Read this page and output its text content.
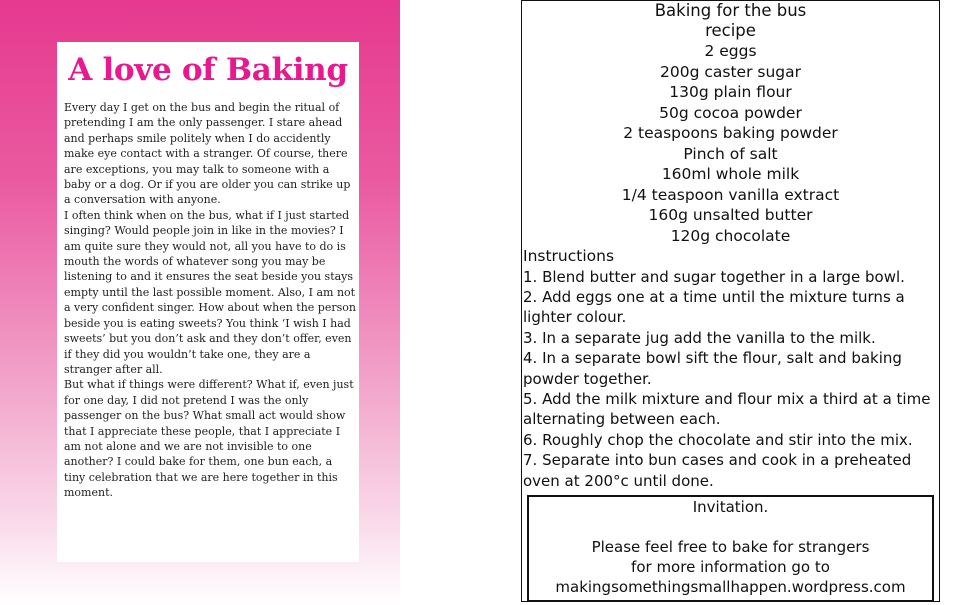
A love of Baking

Every day I get on the bus and begin the ritual of pretending I am the only passenger. I stare ahead and perhaps smile politely when I do accidently make eye contact with a stranger. Of course, there are exceptions, you may talk to someone with a baby or a dog. Or if you are older you can strike up a conversation with anyone.

I often think when on the bus, what if I just started singing? Would people join in like in the movies? I am quite sure they would not, all you have to do is mouth the words of whatever song you may be listening to and it ensures the seat beside you stays empty until the last possible moment. Also, I am not a very confident singer. How about when the person beside you is eating sweets? You think ‘I wish I had sweets’ but you don’t ask and they don’t offer, even if they did you wouldn’t take one, they are a stranger after all.

But what if things were different? What if, even just for one day, I did not pretend I was the only passenger on the bus? What small act would show that I appreciate these people, that I appreciate I am not alone and we are not invisible to one another? I could bake for them, one bun each, a tiny celebration that we are here together in this moment.

Baking for the bus
recipe
2 eggs
200g caster sugar
130g plain flour
50g cocoa powder
2 teaspoons baking powder
Pinch of salt
160ml whole milk
1/4 teaspoon vanilla extract
160g unsalted butter
120g chocolate
Instructions
1. Blend butter and sugar together in a large bowl.
2. Add eggs one at a time until the mixture turns a lighter colour.
3. In a separate jug add the vanilla to the milk.
4. In a separate bowl sift the flour, salt and baking powder together.
5. Add the milk mixture and flour mix a third at a time alternating between each.
6. Roughly chop the chocolate and stir into the mix.
7. Separate into bun cases and cook in a preheated oven at 200°c until done.
Invitation.
Please feel free to bake for strangers
for more information go to
makingsomethingsmallhappen.wordpress.com
